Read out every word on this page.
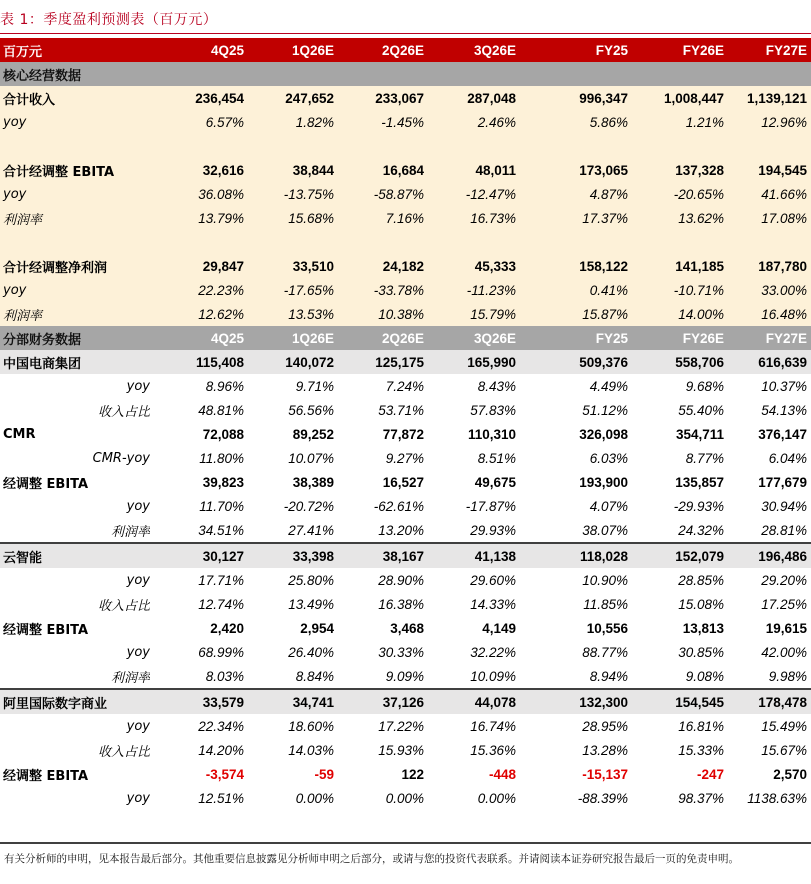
表 1：季度盈利预测表（百万元）
百万元	4Q25	1Q26E	2Q26E	3Q26E	FY25	FY26E	FY27E
核心经营数据							
合计收入	236,454	247,652	233,067	287,048	996,347	1,008,447	1,139,121
yoy	6.57%	1.82%	-1.45%	2.46%	5.86%	1.21%	12.96%

合计经调整 EBITA	32,616	38,844	16,684	48,011	173,065	137,328	194,545
yoy	36.08%	-13.75%	-58.87%	-12.47%	4.87%	-20.65%	41.66%
利润率	13.79%	15.68%	7.16%	16.73%	17.37%	13.62%	17.08%

合计经调整净利润	29,847	33,510	24,182	45,333	158,122	141,185	187,780
yoy	22.23%	-17.65%	-33.78%	-11.23%	0.41%	-10.71%	33.00%
利润率	12.62%	13.53%	10.38%	15.79%	15.87%	14.00%	16.48%
分部财务数据	4Q25	1Q26E	2Q26E	3Q26E	FY25	FY26E	FY27E
中国电商集团	115,408	140,072	125,175	165,990	509,376	558,706	616,639
yoy	8.96%	9.71%	7.24%	8.43%	4.49%	9.68%	10.37%
收入占比	48.81%	56.56%	53.71%	57.83%	51.12%	55.40%	54.13%
CMR	72,088	89,252	77,872	110,310	326,098	354,711	376,147
CMR-yoy	11.80%	10.07%	9.27%	8.51%	6.03%	8.77%	6.04%
经调整 EBITA	39,823	38,389	16,527	49,675	193,900	135,857	177,679
yoy	11.70%	-20.72%	-62.61%	-17.87%	4.07%	-29.93%	30.94%
利润率	34.51%	27.41%	13.20%	29.93%	38.07%	24.32%	28.81%
云智能	30,127	33,398	38,167	41,138	118,028	152,079	196,486
yoy	17.71%	25.80%	28.90%	29.60%	10.90%	28.85%	29.20%
收入占比	12.74%	13.49%	16.38%	14.33%	11.85%	15.08%	17.25%
经调整 EBITA	2,420	2,954	3,468	4,149	10,556	13,813	19,615
yoy	68.99%	26.40%	30.33%	32.22%	88.77%	30.85%	42.00%
利润率	8.03%	8.84%	9.09%	10.09%	8.94%	9.08%	9.98%
阿里国际数字商业	33,579	34,741	37,126	44,078	132,300	154,545	178,478
yoy	22.34%	18.60%	17.22%	16.74%	28.95%	16.81%	15.49%
收入占比	14.20%	14.03%	15.93%	15.36%	13.28%	15.33%	15.67%
经调整 EBITA	-3,574	-59	122	-448	-15,137	-247	2,570
yoy	12.51%	0.00%	0.00%	0.00%	-88.39%	98.37%	1138.63%
有关分析师的申明，见本报告最后部分。其他重要信息披露见分析师申明之后部分，或请与您的投资代表联系。并请阅读本证券研究报告最后一页的免责申明。
